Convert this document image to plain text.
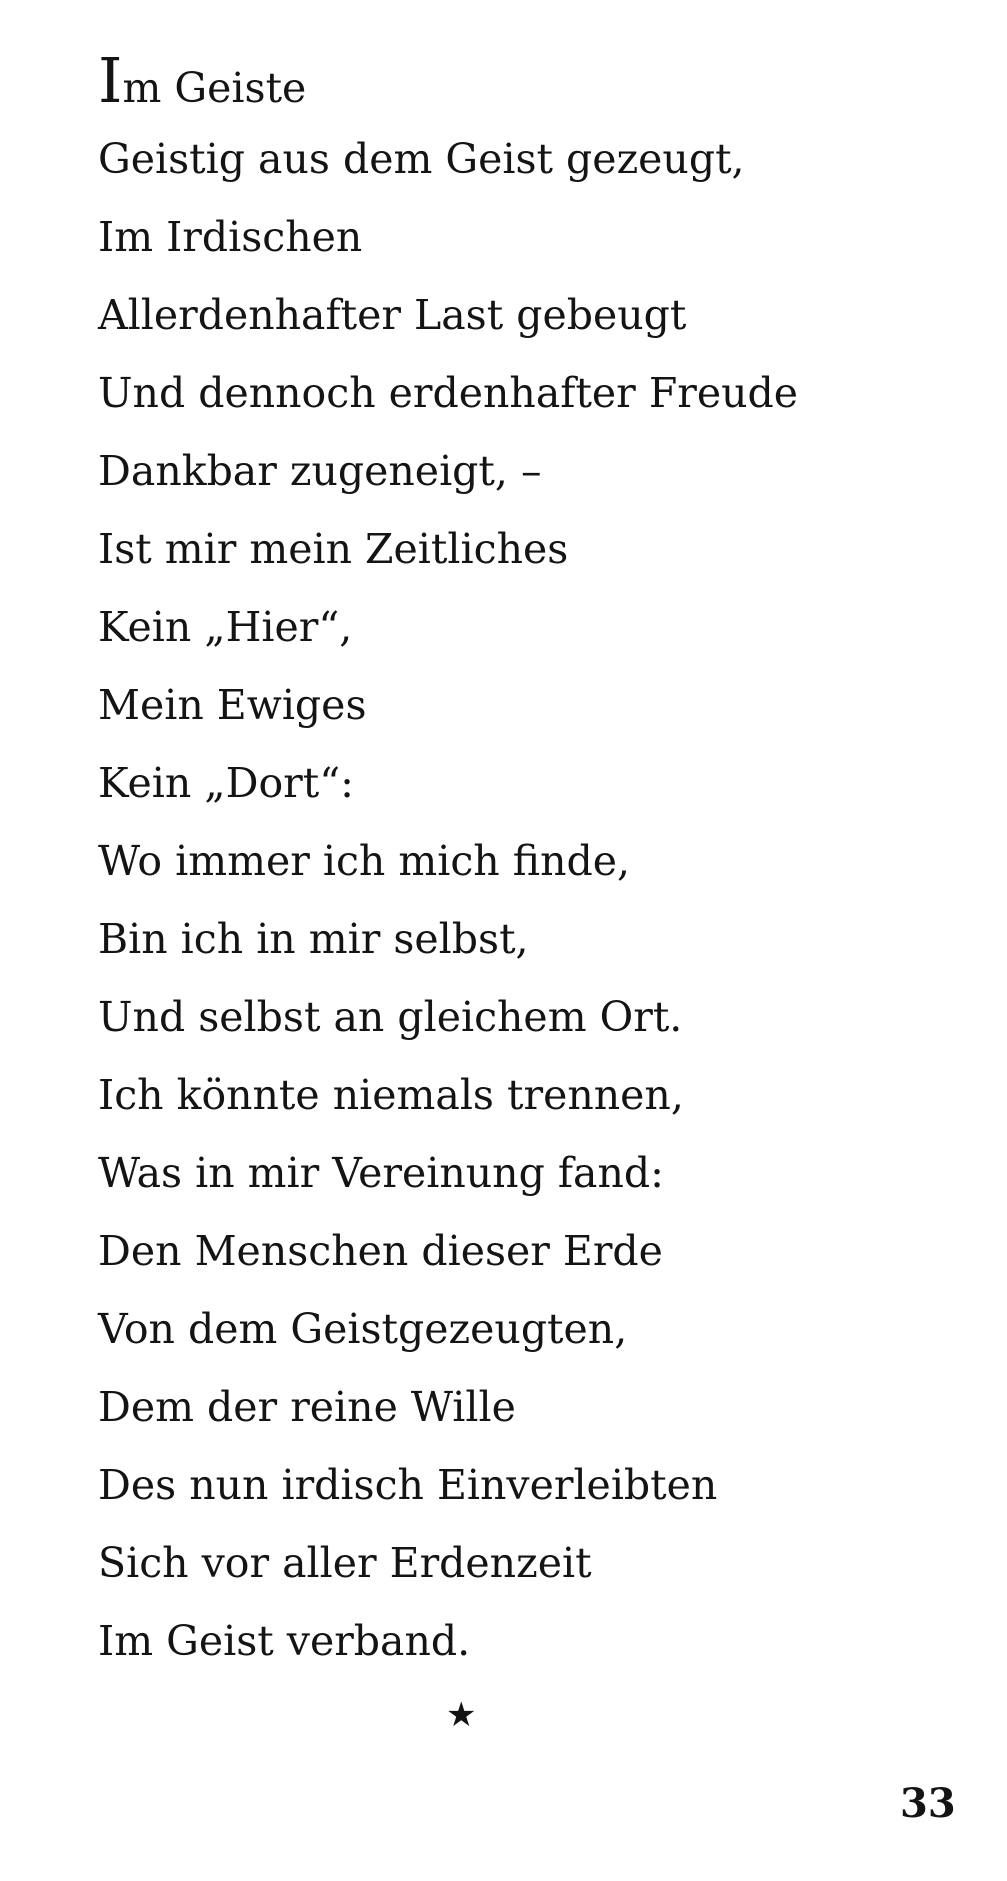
Im Geiste
Geistig aus dem Geist gezeugt,
Im Irdischen
Allerdenhafter Last gebeugt
Und dennoch erdenhafter Freude
Dankbar zugeneigt, –
Ist mir mein Zeitliches
Kein „Hier“,
Mein Ewiges
Kein „Dort“:
Wo immer ich mich finde,
Bin ich in mir selbst,
Und selbst an gleichem Ort.
Ich könnte niemals trennen,
Was in mir Vereinung fand:
Den Menschen dieser Erde
Von dem Geistgezeugten,
Dem der reine Wille
Des nun irdisch Einverleibten
Sich vor aller Erdenzeit
Im Geist verband.
★
33
